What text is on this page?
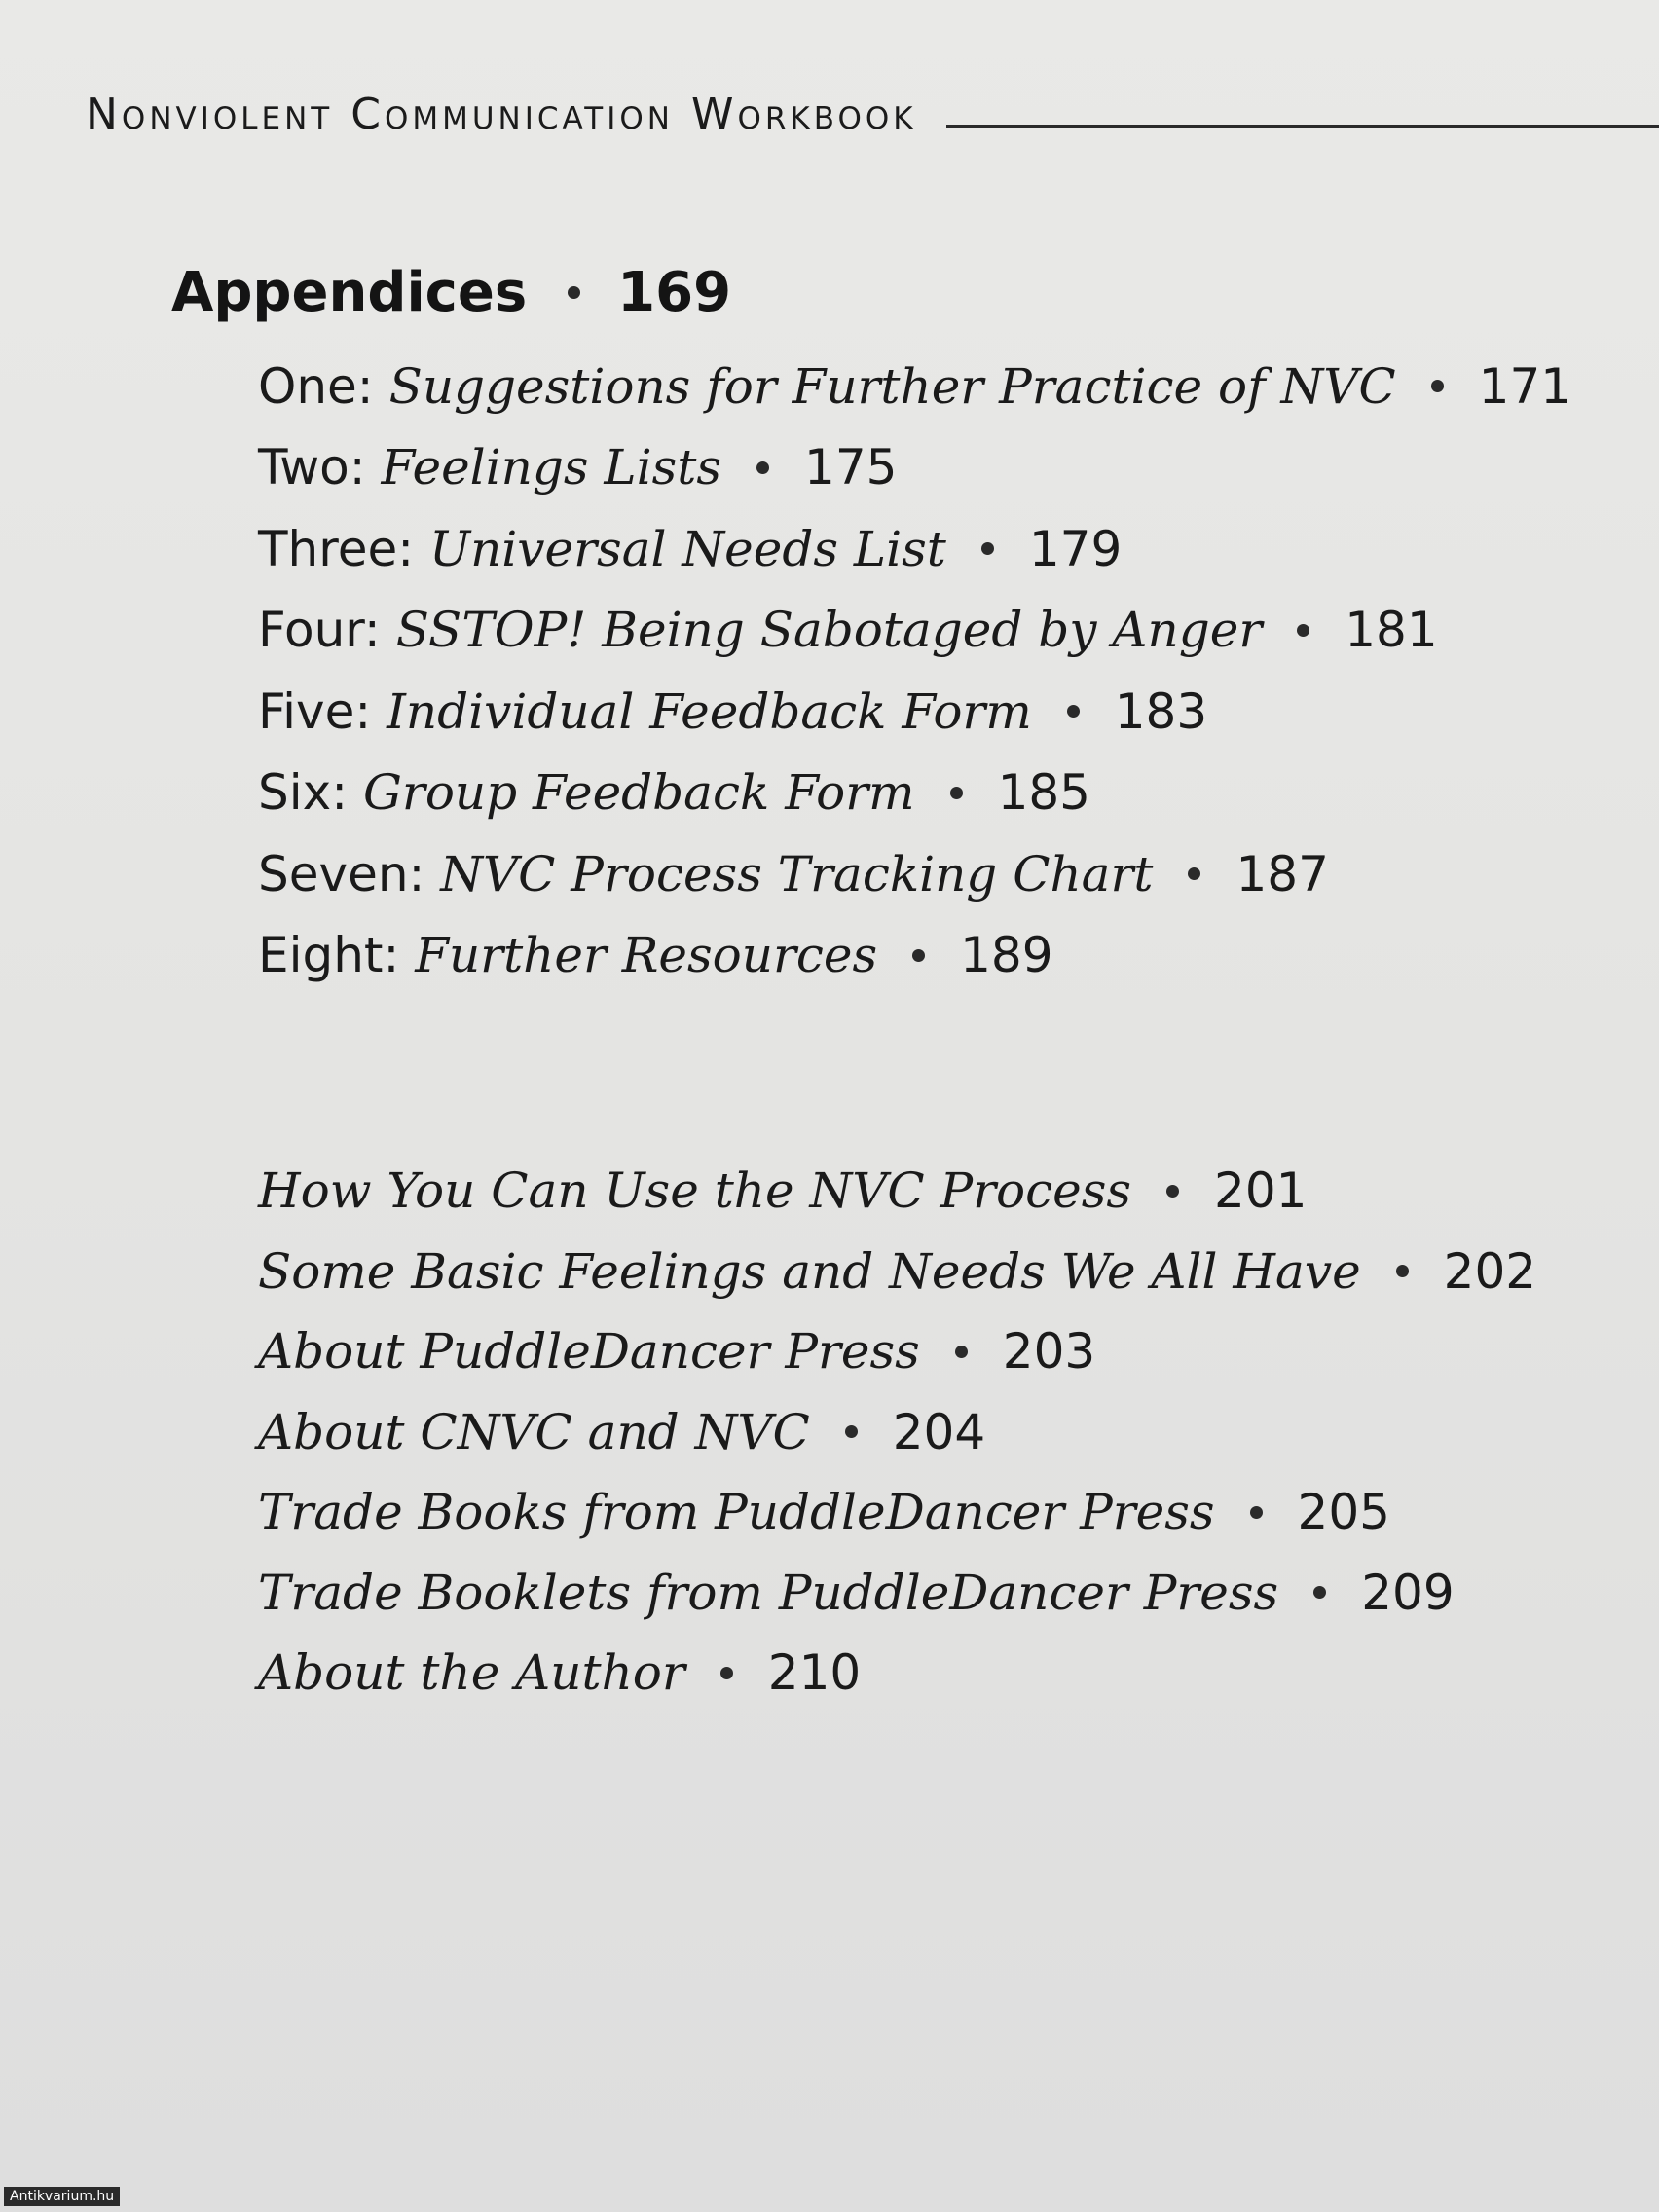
Nonviolent Communication Workbook
Appendices 169
One:
Suggestions for Further Practice of NVC 171
Two:
Feelings Lists 175
Three:
Universal Needs List 179
Four:
SSTOP! Being Sabotaged by Anger 181
Five:
Individual Feedback Form 183
Six:
Group Feedback Form 185
Seven:
NVC Process Tracking Chart 187
Eight:
Further Resources 189
How You Can Use the NVC Process 201
Some Basic Feelings and Needs We All Have 202
About PuddleDancer Press 203
About CNVC and NVC 204
Trade Books from PuddleDancer Press 205
Trade Booklets from PuddleDancer Press 209
About the Author 210
Antikvarium.hu
